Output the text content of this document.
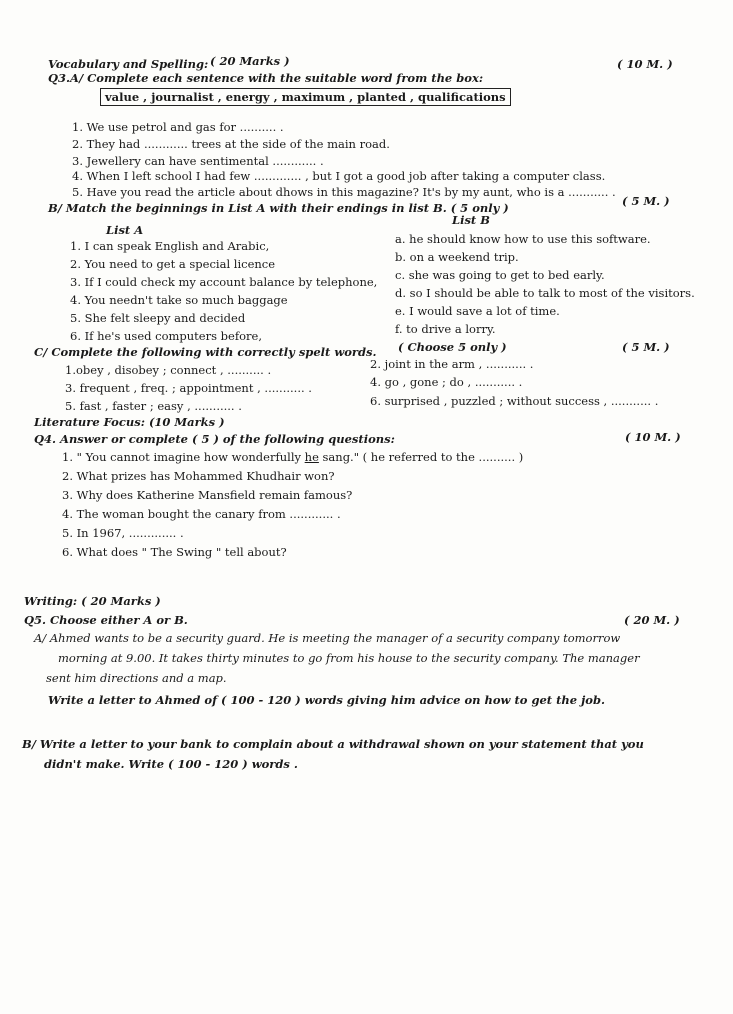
Vocabulary and Spelling: ( 20 Marks )
Q3.A/ Complete each sentence with the suitable word from the box:
( 10 M. )
value , journalist , energy , maximum , planted , qualifications
1. We use petrol and gas for .......... .
2. They had ............ trees at the side of the main road.
3. Jewellery can have sentimental ............ .
4. When I left school I had few ............. , but I got a good job after taking a computer class.
5. Have you read the article about dhows in this magazine? It's by my aunt, who is a ........... .
B/ Match the beginnings in List A with their endings in list B. ( 5 only )	( 5 M. )
List A
List B
1. I can speak English and Arabic,
2. You need to get a special licence
3. If I could check my account balance by telephone,
4. You needn't take so much baggage
5. She felt sleepy and decided
6. If he's used computers before,
a. he should know how to use this software.
b. on a weekend trip.
c. she was going to get to bed early.
d. so I should be able to talk to most of the visitors.
e. I would save a lot of time.
f. to drive a lorry.
C/ Complete the following with correctly spelt words. ( Choose 5 only )	( 5 M. )
1.obey , disobey ; connect , .......... .
3. frequent , freq. ; appointment , ........... .
5. fast , faster ; easy , ........... .
2. joint in the arm , ........... .
4. go , gone ; do , ........... .
6. surprised , puzzled ; without success , ........... .
Literature Focus: (10 Marks )
Q4. Answer or complete ( 5 ) of the following questions:	( 10 M. )
1. " You cannot imagine how wonderfully he sang." ( he referred to the .......... )
2. What prizes has Mohammed Khudhair won?
3. Why does Katherine Mansfield remain famous?
4. The woman bought the canary from ............ .
5. In 1967, ............. .
6. What does " The Swing " tell about?
Writing: ( 20 Marks )
Q5. Choose either A or B.	( 20 M. )
A/ Ahmed wants to be a security guard. He is meeting the manager of a security company tomorrow
morning at 9.00. It takes thirty minutes to go from his house to the security company. The manager
sent him directions and a map.
Write a letter to Ahmed of ( 100 - 120 ) words giving him advice on how to get the job.
B/ Write a letter to your bank to complain about a withdrawal shown on your statement that you
didn't make. Write ( 100 - 120 ) words .
